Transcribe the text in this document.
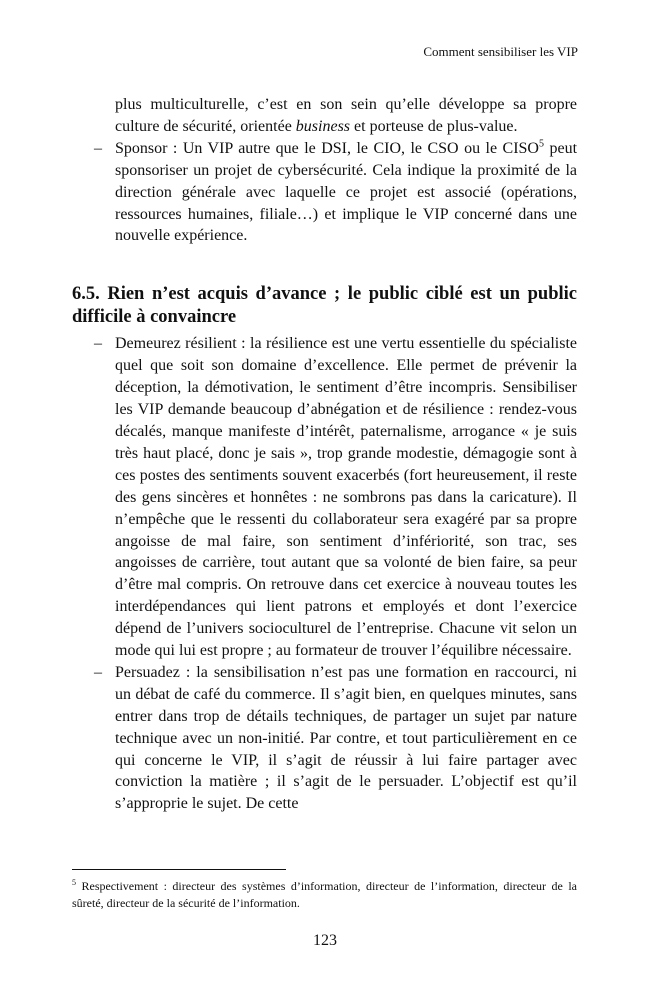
Comment sensibiliser les VIP
plus multiculturelle, c’est en son sein qu’elle développe sa propre culture de sécurité, orientée business et porteuse de plus-value.
– Sponsor : Un VIP autre que le DSI, le CIO, le CSO ou le CISO$^5$ peut sponsoriser un projet de cybersécurité. Cela indique la proximité de la direction générale avec laquelle ce projet est associé (opérations, ressources humaines, filiale…) et implique le VIP concerné dans une nouvelle expérience.
6.5. Rien n’est acquis d’avance ; le public ciblé est un public difficile à convaincre
– Demeurez résilient : la résilience est une vertu essentielle du spécialiste quel que soit son domaine d’excellence. Elle permet de prévenir la déception, la démotivation, le sentiment d’être incompris. Sensibiliser les VIP demande beaucoup d’abnégation et de résilience : rendez-vous décalés, manque manifeste d’intérêt, paternalisme, arrogance « je suis très haut placé, donc je sais », trop grande modestie, démagogie sont à ces postes des sentiments souvent exacerbés (fort heureusement, il reste des gens sincères et honnêtes : ne sombrons pas dans la caricature). Il n’empêche que le ressenti du collaborateur sera exagéré par sa propre angoisse de mal faire, son sentiment d’infériorité, son trac, ses angoisses de carrière, tout autant que sa volonté de bien faire, sa peur d’être mal compris. On retrouve dans cet exercice à nouveau toutes les interdépendances qui lient patrons et employés et dont l’exercice dépend de l’univers socioculturel de l’entreprise. Chacune vit selon un mode qui lui est propre ; au formateur de trouver l’équilibre nécessaire.
– Persuadez : la sensibilisation n’est pas une formation en raccourci, ni un débat de café du commerce. Il s’agit bien, en quelques minutes, sans entrer dans trop de détails techniques, de partager un sujet par nature technique avec un non-initié. Par contre, et tout particulièrement en ce qui concerne le VIP, il s’agit de réussir à lui faire partager avec conviction la matière ; il s’agit de le persuader. L’objectif est qu’il s’approprie le sujet. De cette
$^5$ Respectivement : directeur des systèmes d’information, directeur de l’information, directeur de la sûreté, directeur de la sécurité de l’information.
123
